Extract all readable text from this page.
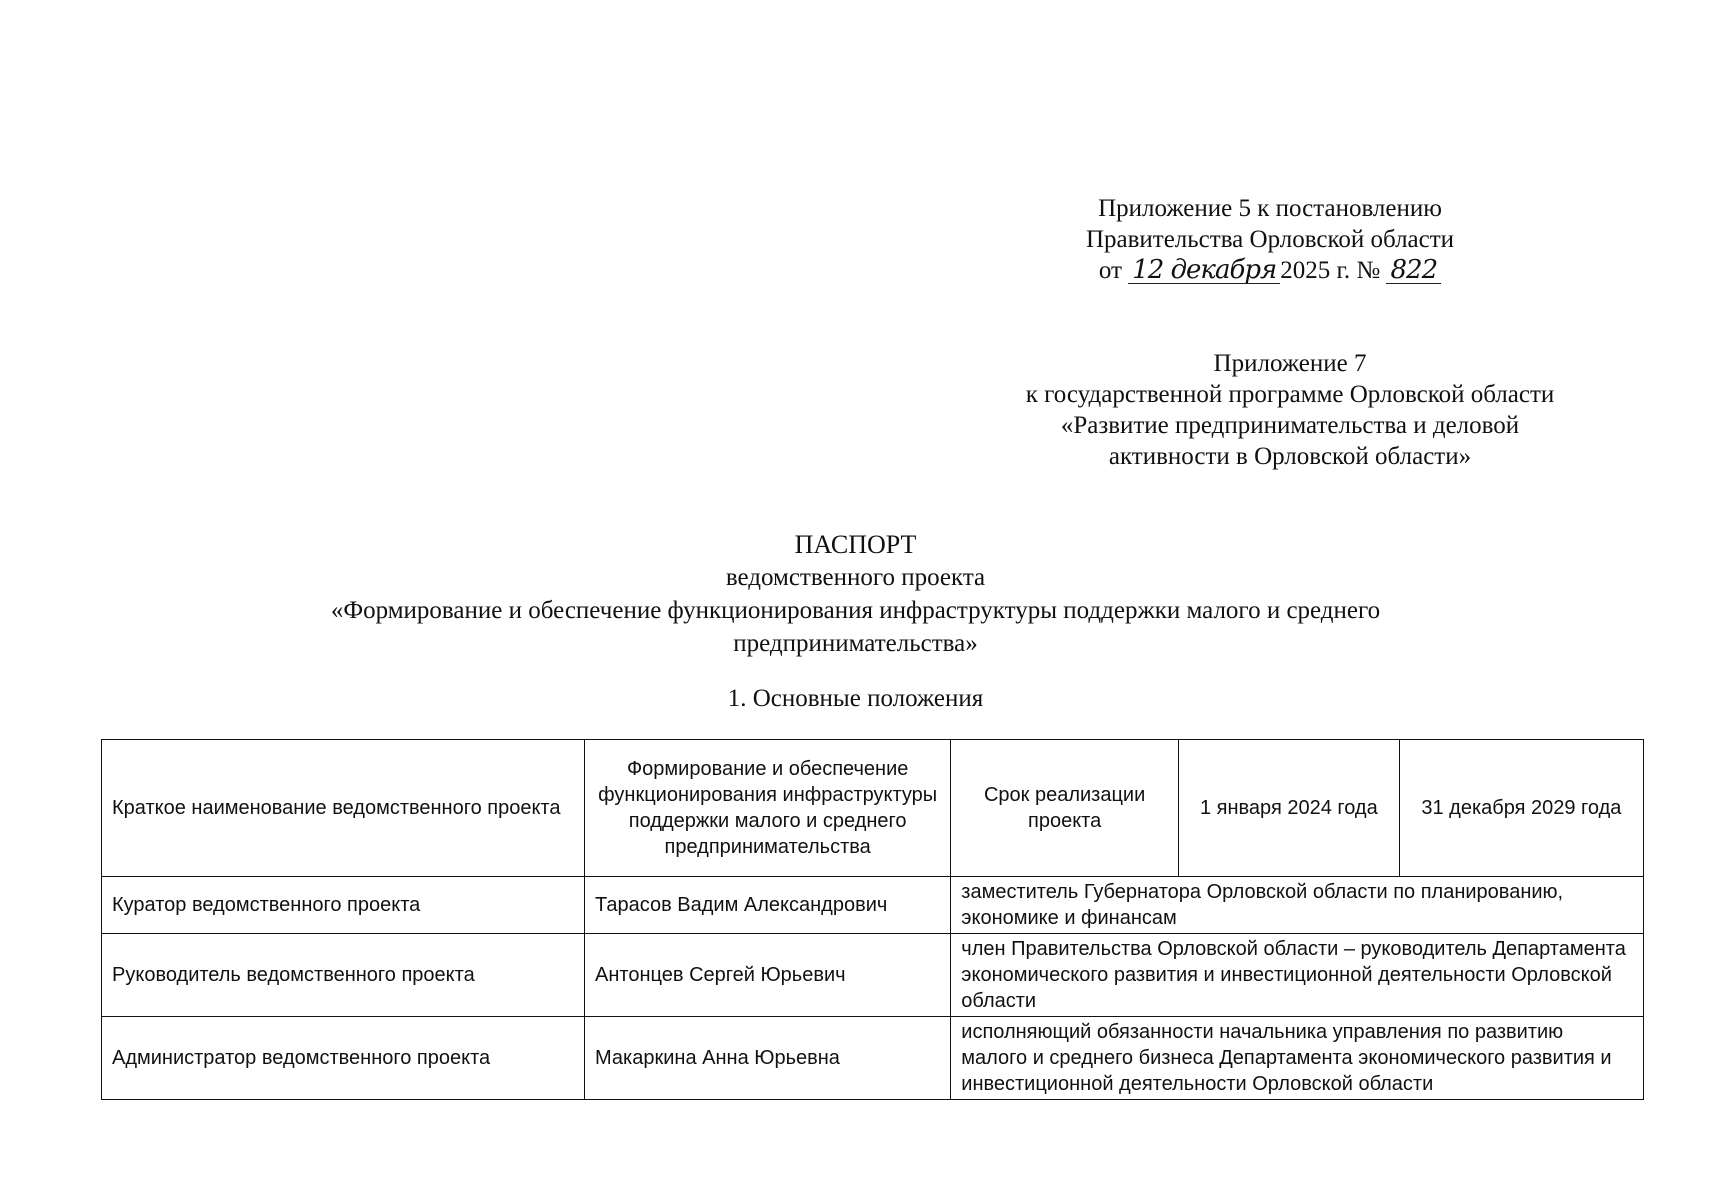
Приложение 5 к постановлению
Правительства Орловской области
от 12 декабря 2025 г. № 822
Приложение 7
к государственной программе Орловской области
«Развитие предпринимательства и деловой
активности в Орловской области»
ПАСПОРТ
ведомственного проекта
«Формирование и обеспечение функционирования инфраструктуры поддержки малого и среднего
предпринимательства»
1. Основные положения
Краткое наименование ведомственного проекта	Формирование и обеспечение функционирования инфраструктуры поддержки малого и среднего предпринимательства	Срок реализации проекта	1 января 2024 года	31 декабря 2029 года
Куратор ведомственного проекта	Тарасов Вадим Александрович	заместитель Губернатора Орловской области по планированию, экономике и финансам		
Руководитель ведомственного проекта	Антонцев Сергей Юрьевич	член Правительства Орловской области – руководитель Департамента экономического развития и инвестиционной деятельности Орловской области		
Администратор ведомственного проекта	Макаркина Анна Юрьевна	исполняющий обязанности начальника управления по развитию малого и среднего бизнеса Департамента экономического развития и инвестиционной деятельности Орловской области		
